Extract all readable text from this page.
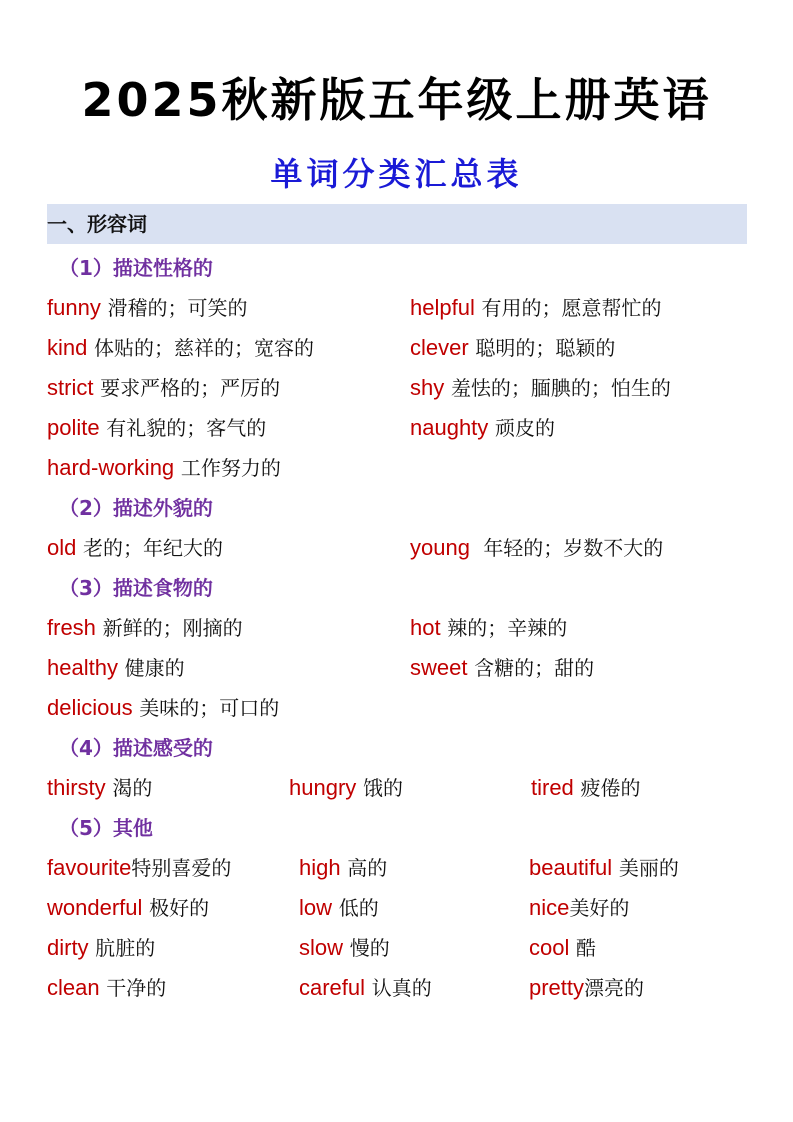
2025秋新版五年级上册英语
单词分类汇总表
一、形容词
（1）描述性格的
funny 滑稽的；可笑的	helpful 有用的；愿意帮忙的
kind 体贴的；慈祥的；宽容的	clever 聪明的；聪颖的
strict 要求严格的；严厉的	shy 羞怯的；腼腆的；怕生的
polite 有礼貌的；客气的	naughty 顽皮的
hard-working 工作努力的
（2）描述外貌的
old 老的；年纪大的	young 年轻的；岁数不大的
（3）描述食物的
fresh 新鲜的；刚摘的	hot 辣的；辛辣的
healthy 健康的	sweet 含糖的；甜的
delicious 美味的；可口的
（4）描述感受的
thirsty 渴的	hungry 饿的	tired 疲倦的
（5）其他
favourite特别喜爱的	high 高的	beautiful 美丽的
wonderful 极好的	low 低的	nice美好的
dirty 肮脏的	slow 慢的	cool 酷
clean 干净的	careful 认真的	pretty漂亮的
